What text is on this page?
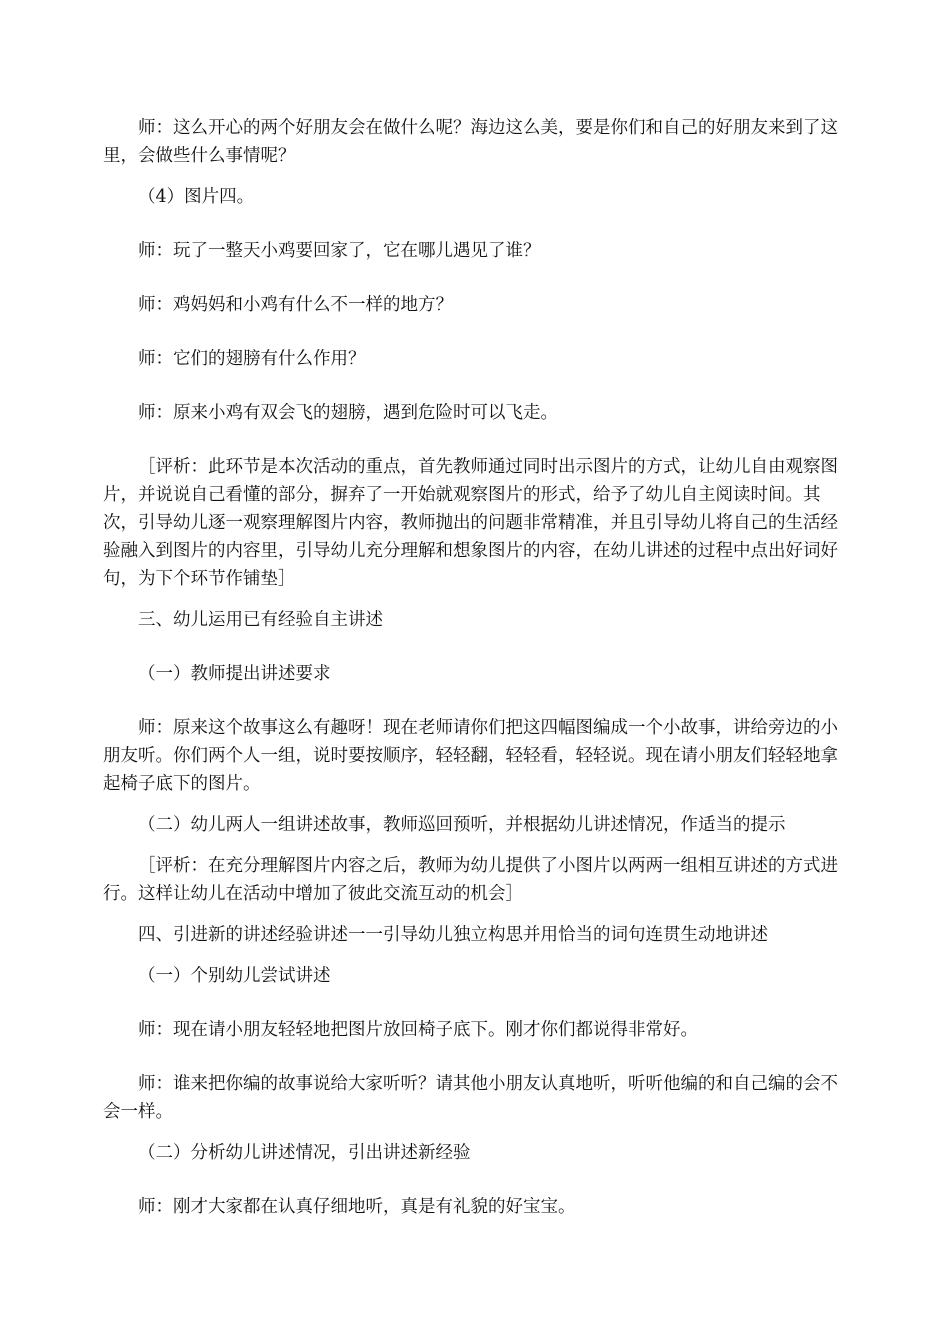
师：这么开心的两个好朋友会在做什么呢？海边这么美，要是你们和自己的好朋友来到了这里，会做些什么事情呢？

（4）图片四。

师：玩了一整天小鸡要回家了，它在哪儿遇见了谁？

师：鸡妈妈和小鸡有什么不一样的地方？

师：它们的翅膀有什么作用？

师：原来小鸡有双会飞的翅膀，遇到危险时可以飞走。

［评析：此环节是本次活动的重点，首先教师通过同时出示图片的方式，让幼儿自由观察图片，并说说自己看懂的部分，摒弃了一开始就观察图片的形式，给予了幼儿自主阅读时间。其次，引导幼儿逐一观察理解图片内容，教师抛出的问题非常精准，并且引导幼儿将自己的生活经验融入到图片的内容里，引导幼儿充分理解和想象图片的内容，在幼儿讲述的过程中点出好词好句，为下个环节作铺垫］

三、幼儿运用已有经验自主讲述

（一）教师提出讲述要求

师：原来这个故事这么有趣呀！现在老师请你们把这四幅图编成一个小故事，讲给旁边的小朋友听。你们两个人一组，说时要按顺序，轻轻翻，轻轻看，轻轻说。现在请小朋友们轻轻地拿起椅子底下的图片。

（二）幼儿两人一组讲述故事，教师巡回预听，并根据幼儿讲述情况，作适当的提示

［评析：在充分理解图片内容之后，教师为幼儿提供了小图片以两两一组相互讲述的方式进行。这样让幼儿在活动中增加了彼此交流互动的机会］

四、引进新的讲述经验讲述一一引导幼儿独立构思并用恰当的词句连贯生动地讲述

（一）个别幼儿尝试讲述

师：现在请小朋友轻轻地把图片放回椅子底下。刚才你们都说得非常好。

师：谁来把你编的故事说给大家听听？请其他小朋友认真地听，听听他编的和自己编的会不会一样。

（二）分析幼儿讲述情况，引出讲述新经验

师：刚才大家都在认真仔细地听，真是有礼貌的好宝宝。
